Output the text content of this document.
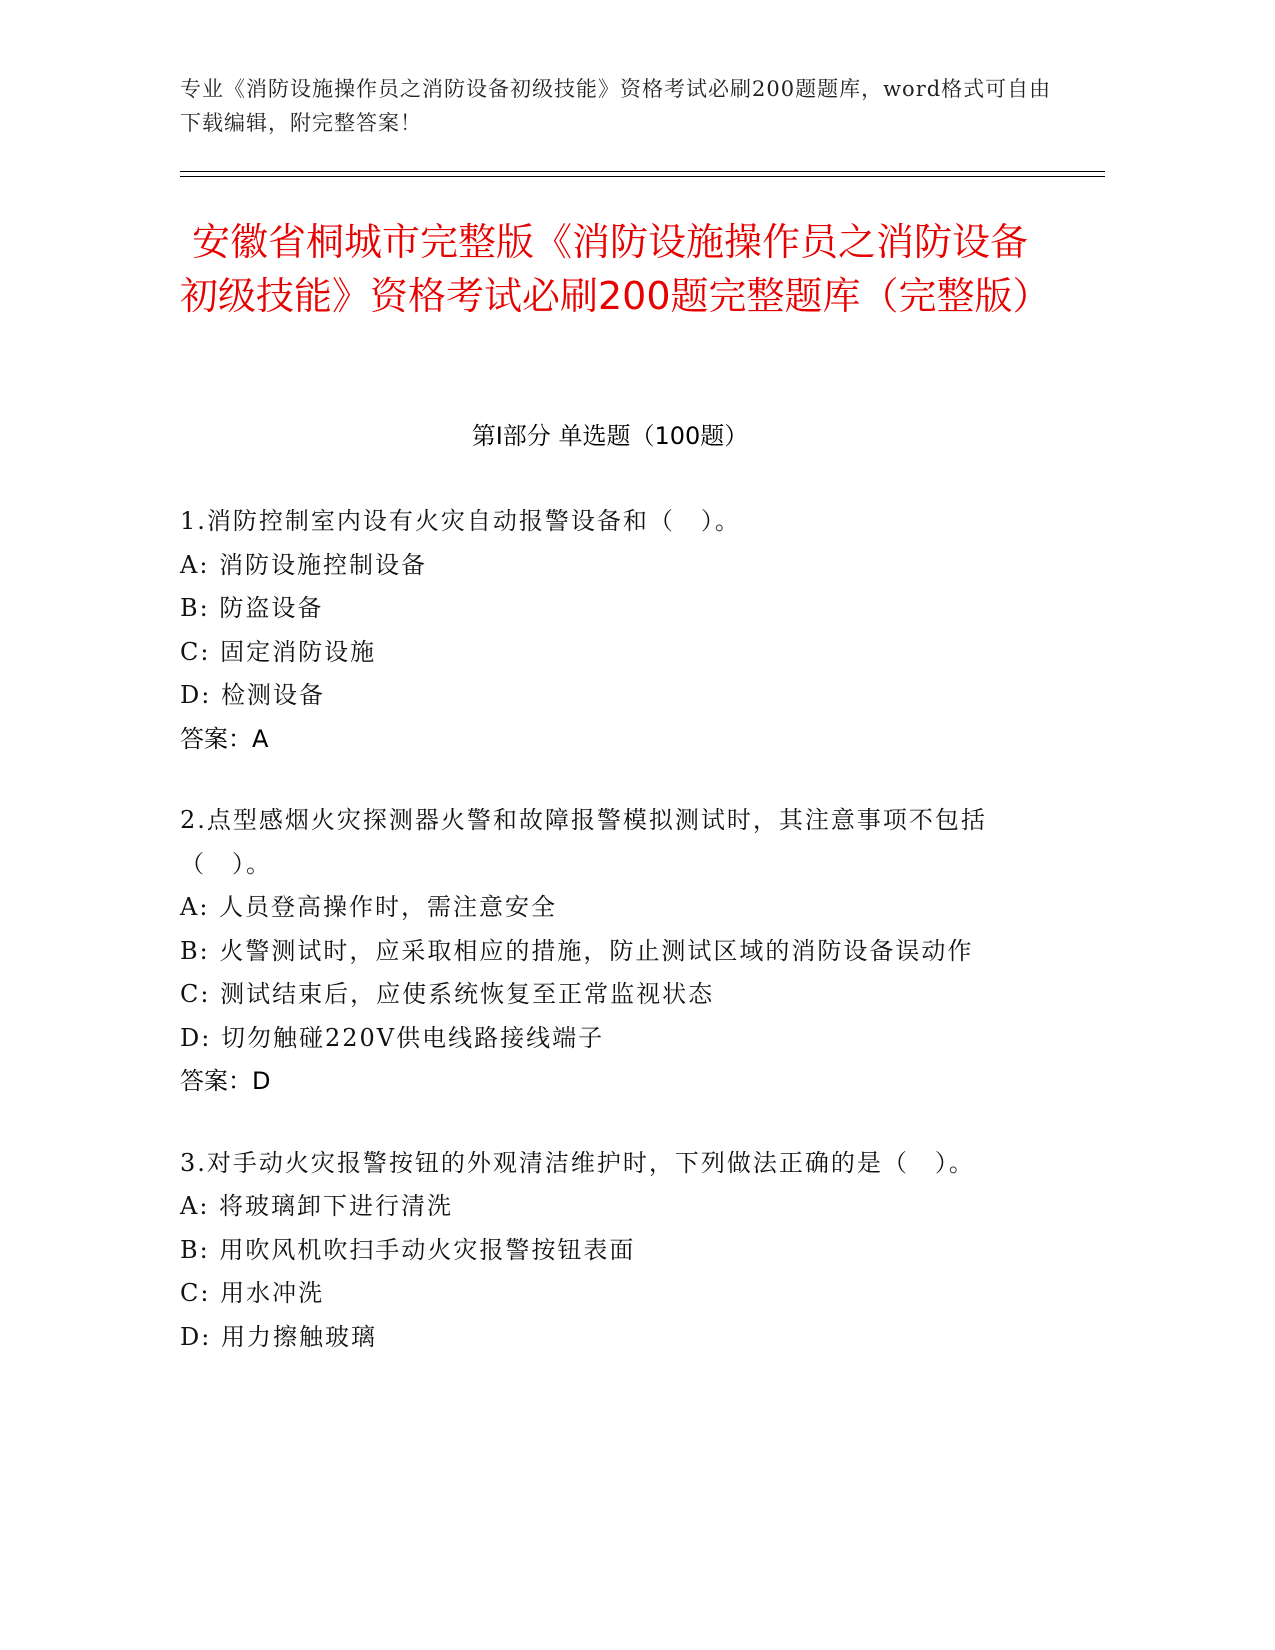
专业《消防设施操作员之消防设备初级技能》资格考试必刷200题题库，word格式可自由下载编辑，附完整答案！
安徽省桐城市完整版《消防设施操作员之消防设备初级技能》资格考试必刷200题完整题库（完整版）
第Ⅰ部分 单选题（100题）

1.消防控制室内设有火灾自动报警设备和（　）。

A: 消防设施控制设备

B: 防盗设备

C: 固定消防设施

D: 检测设备

答案：A

2.点型感烟火灾探测器火警和故障报警模拟测试时，其注意事项不包括（　）。

A: 人员登高操作时，需注意安全

B: 火警测试时，应采取相应的措施，防止测试区域的消防设备误动作

C: 测试结束后，应使系统恢复至正常监视状态

D: 切勿触碰220V供电线路接线端子

答案：D

3.对手动火灾报警按钮的外观清洁维护时，下列做法正确的是（　）。

A: 将玻璃卸下进行清洗

B: 用吹风机吹扫手动火灾报警按钮表面

C: 用水冲洗

D: 用力擦触玻璃
